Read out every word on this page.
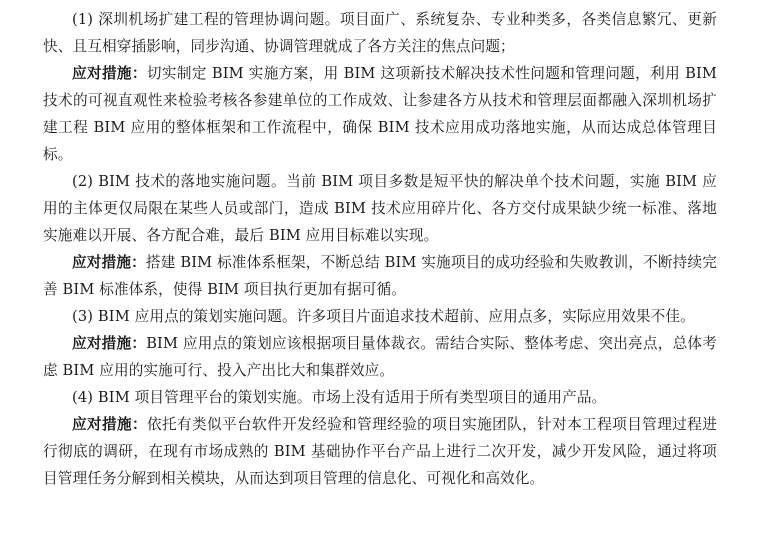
(1) 深圳机场扩建工程的管理协调问题。项目面广、系统复杂、专业种类多，各类信息繁冗、更新快、且互相穿插影响，同步沟通、协调管理就成了各方关注的焦点问题；

应对措施：切实制定 BIM 实施方案，用 BIM 这项新技术解决技术性问题和管理问题，利用 BIM 技术的可视直观性来检验考核各参建单位的工作成效、让参建各方从技术和管理层面都融入深圳机场扩建工程 BIM 应用的整体框架和工作流程中，确保 BIM 技术应用成功落地实施，从而达成总体管理目标。

(2) BIM 技术的落地实施问题。当前 BIM 项目多数是短平快的解决单个技术问题，实施 BIM 应用的主体更仅局限在某些人员或部门，造成 BIM 技术应用碎片化、各方交付成果缺少统一标准、落地实施难以开展、各方配合难，最后 BIM 应用目标难以实现。

应对措施：搭建 BIM 标准体系框架，不断总结 BIM 实施项目的成功经验和失败教训，不断持续完善 BIM 标准体系，使得 BIM 项目执行更加有据可循。

(3) BIM 应用点的策划实施问题。许多项目片面追求技术超前、应用点多，实际应用效果不佳。

应对措施：BIM 应用点的策划应该根据项目量体裁衣。需结合实际、整体考虑、突出亮点，总体考虑 BIM 应用的实施可行、投入产出比大和集群效应。

(4) BIM 项目管理平台的策划实施。市场上没有适用于所有类型项目的通用产品。

应对措施：依托有类似平台软件开发经验和管理经验的项目实施团队，针对本工程项目管理过程进行彻底的调研，在现有市场成熟的 BIM 基础协作平台产品上进行二次开发，减少开发风险，通过将项目管理任务分解到相关模块，从而达到项目管理的信息化、可视化和高效化。
